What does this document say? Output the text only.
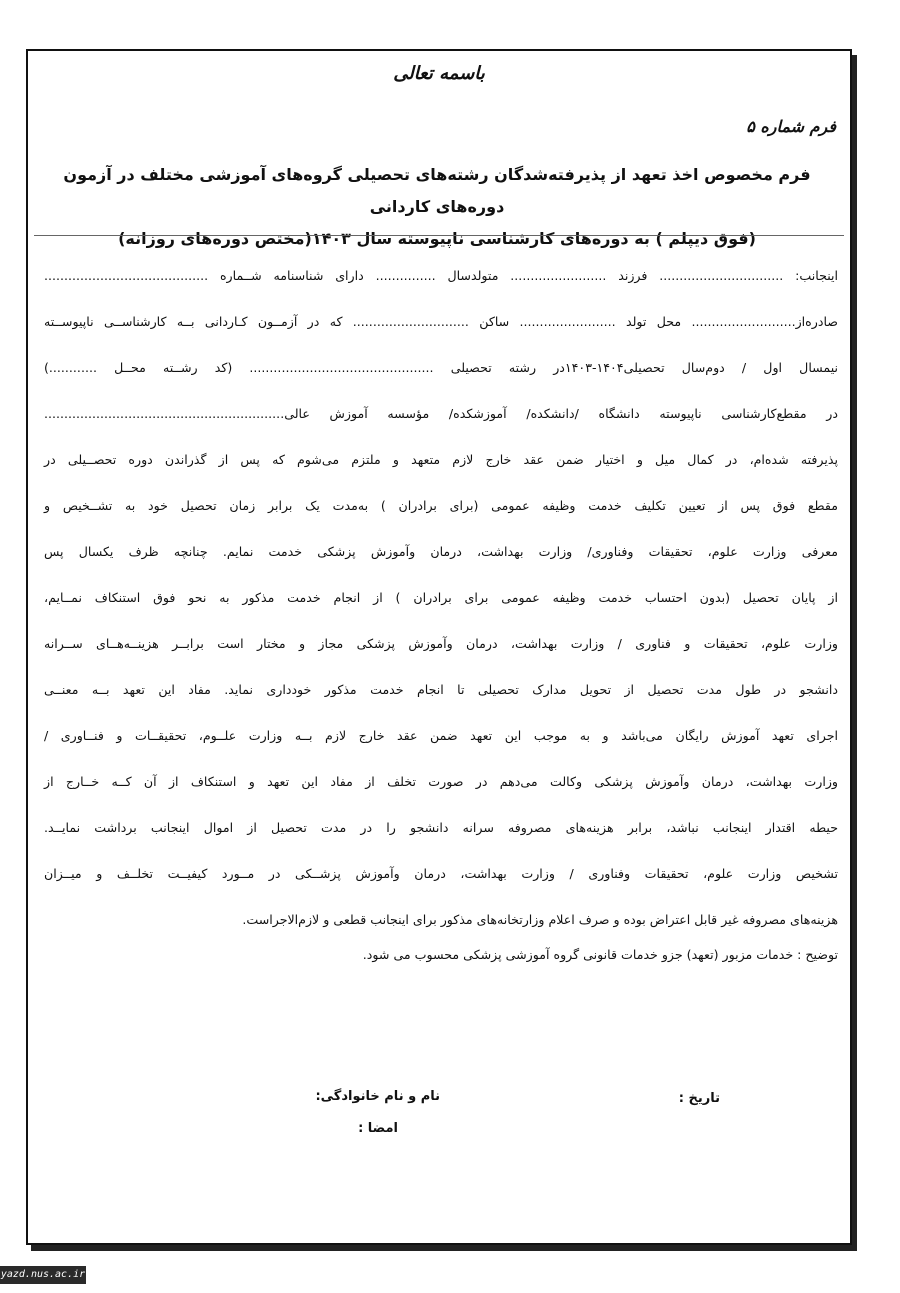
باسمه تعالی
فرم شماره ۵
فرم مخصوص اخذ تعهد از پذیرفته‌شدگان رشته‌های تحصیلی گروه‌های آموزشی مختلف در آزمون دوره‌های کاردانی
(فوق دیپلم ) به دوره‌های کارشناسی ناپیوسته سال ۱۴۰۳(مختص دوره‌های روزانه)
اینجانب: ............................... فرزند ........................ متولدسال ............... دارای شناسنامه شــماره .........................................
صادره‌از.......................... محل تولد ........................ ساکن ............................. که در آزمــون کـاردانی بــه کارشناســی ناپیوســته
نیمسال اول / دوم‌سال تحصیلی۱۴۰۴-۱۴۰۳در رشته تحصیلی .............................................. (کد رشــته محــل ............)
در مقطع‌کارشناسی ناپیوسته دانشگاه /دانشکده/ آموزشکده/ مؤسسه آموزش عالی............................................................
پذیرفته شده‌ام، در کمال میل و اختیار ضمن عقد خارج لازم متعهد و ملتزم می‌شوم که پس از گذراندن دوره تحصــیلی در
مقطع فوق پس از تعیین تکلیف خدمت وظیفه عمومی (برای برادران ) به‌مدت یک برابر زمان تحصیل خود به تشــخیص و
معرفی وزارت علوم، تحقیقات وفناوری/ وزارت بهداشت، درمان وآموزش پزشکی خدمت نمایم. چنانچه ظرف یکسال پس
از پایان تحصیل (بدون احتساب خدمت وظیفه عمومی برای برادران ) از انجام خدمت مذکور به نحو فوق استنکاف نمــایم،
وزارت علوم، تحقیقات و فناوری / وزارت بهداشت، درمان وآموزش پزشکی مجاز و مختار است برابــر هزینــه‌هــای ســرانه
دانشجو در طول مدت تحصیل از تحویل مدارک تحصیلی تا انجام خدمت مذکور خودداری نماید. مفاد این تعهد بــه معنــی
اجرای تعهد آموزش رایگان می‌باشد و به موجب این تعهد ضمن عقد خارج لازم بــه وزارت علــوم، تحقیقــات و فنــاوری /
وزارت بهداشت، درمان وآموزش پزشکی وکالت می‌دهم در صورت تخلف از مفاد این تعهد و استنکاف از آن کــه خــارج از
حیطه اقتدار اینجانب نباشد، برابر هزینه‌های مصروفه سرانه دانشجو را در مدت تحصیل از اموال اینجانب برداشت نمایــد.
تشخیص وزارت علوم، تحقیقات وفناوری / وزارت بهداشت، درمان وآموزش پزشــکی در مــورد کیفیــت تخلــف و میــزان
هزینه‌های مصروفه غیر قابل اعتراض بوده و صرف اعلام وزارتخانه‌های مذکور برای اینجانب قطعی و لازم‌الاجراست.
توضیح : خدمات مزبور (تعهد) جزو خدمات قانونی گروه آموزشی پزشکی محسوب می شود.
نام و نام خانوادگی:	تاریخ :
امضا :
yazd.nus.ac.ir
